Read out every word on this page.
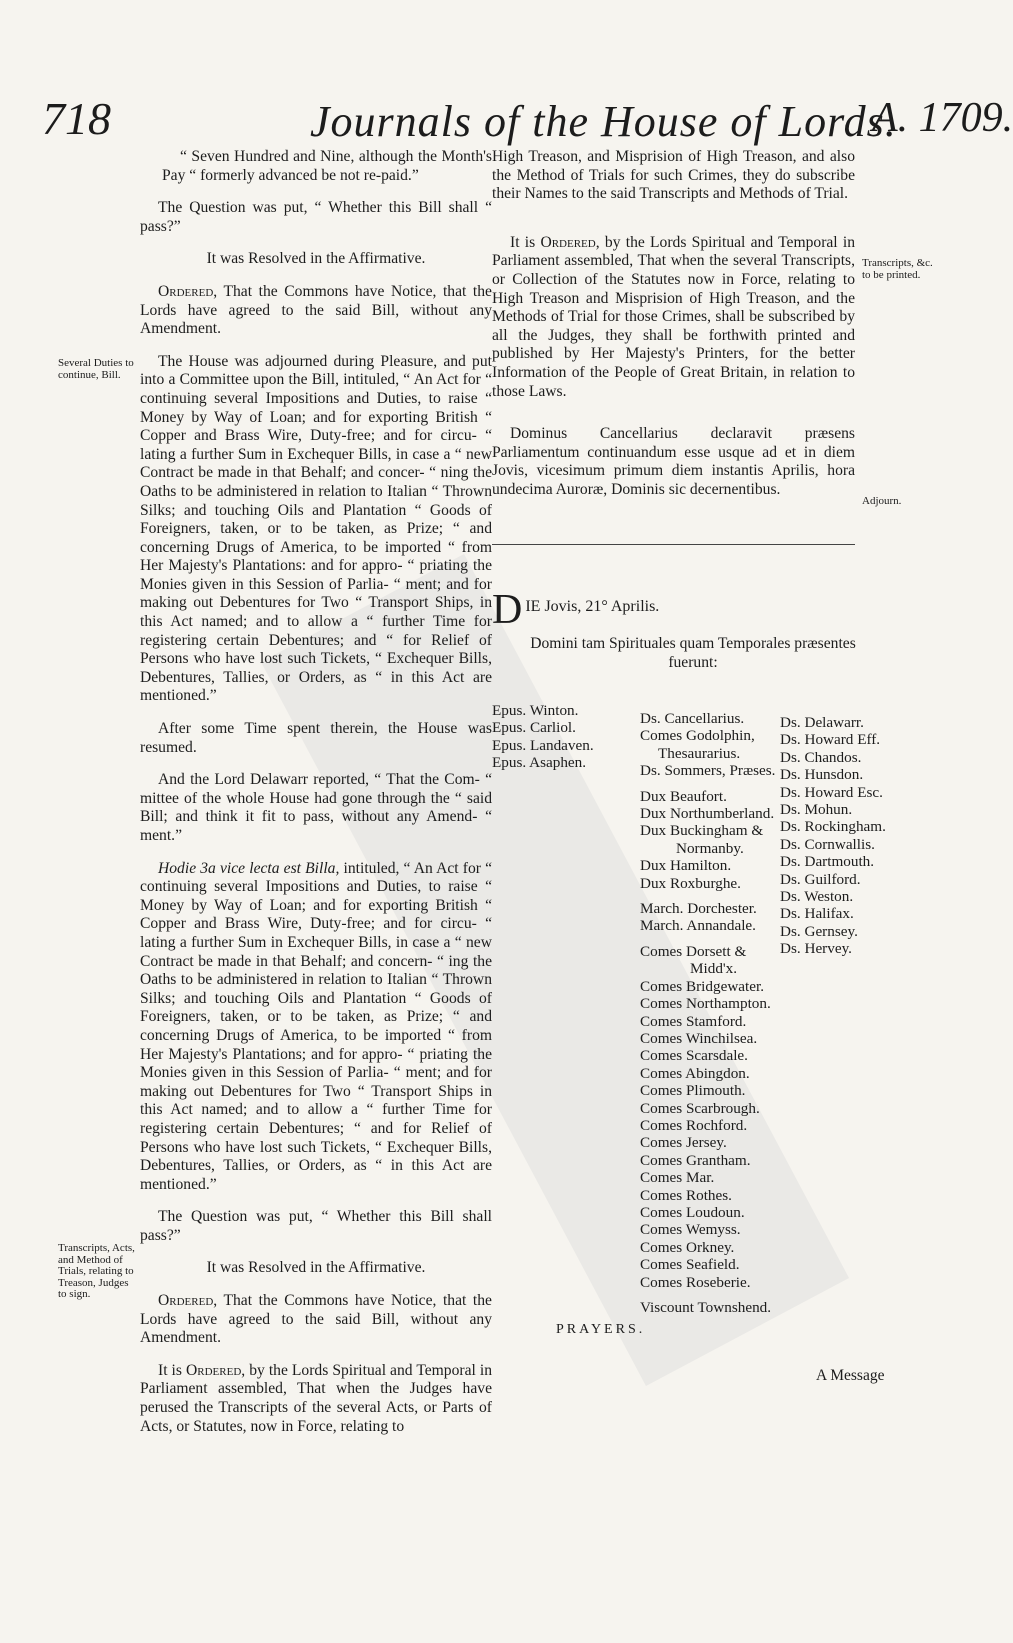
718	Journals of the House of Lords.
A. 1709.
Several Duties to continue, Bill.
Transcripts, Acts, and Method of Trials, relating to Treason, Judges to sign.
Transcripts, &c. to be printed.
Adjourn.

“ Seven Hundred and Nine, although the Month's Pay “ formerly advanced be not re-paid.”

The Question was put, “ Whether this Bill shall “ pass?”

It was Resolved in the Affirmative.

Ordered, That the Commons have Notice, that the Lords have agreed to the said Bill, without any Amendment.

The House was adjourned during Pleasure, and put into a Committee upon the Bill, intituled, “ An Act for “ continuing several Impositions and Duties, to raise “ Money by Way of Loan; and for exporting British “ Copper and Brass Wire, Duty-free; and for circu- “ lating a further Sum in Exchequer Bills, in case a “ new Contract be made in that Behalf; and concer- “ ning the Oaths to be administered in relation to Italian “ Thrown Silks; and touching Oils and Plantation “ Goods of Foreigners, taken, or to be taken, as Prize; “ and concerning Drugs of America, to be imported “ from Her Majesty's Plantations: and for appro- “ priating the Monies given in this Session of Parlia- “ ment; and for making out Debentures for Two “ Transport Ships, in this Act named; and to allow a “ further Time for registering certain Debentures; and “ for Relief of Persons who have lost such Tickets, “ Exchequer Bills, Debentures, Tallies, or Orders, as “ in this Act are mentioned.”

After some Time spent therein, the House was resumed.

And the Lord Delawarr reported, “ That the Com- “ mittee of the whole House had gone through the “ said Bill; and think it fit to pass, without any Amend- “ ment.”

Hodie 3a vice lecta est Billa, intituled, “ An Act for “ continuing several Impositions and Duties, to raise “ Money by Way of Loan; and for exporting British “ Copper and Brass Wire, Duty-free; and for circu- “ lating a further Sum in Exchequer Bills, in case a “ new Contract be made in that Behalf; and concern- “ ing the Oaths to be administered in relation to Italian “ Thrown Silks; and touching Oils and Plantation “ Goods of Foreigners, taken, or to be taken, as Prize; “ and concerning Drugs of America, to be imported “ from Her Majesty's Plantations; and for appro- “ priating the Monies given in this Session of Parlia- “ ment; and for making out Debentures for Two “ Transport Ships in this Act named; and to allow a “ further Time for registering certain Debentures; “ and for Relief of Persons who have lost such Tickets, “ Exchequer Bills, Debentures, Tallies, or Orders, as “ in this Act are mentioned.”

The Question was put, “ Whether this Bill shall pass?”

It was Resolved in the Affirmative.

Ordered, That the Commons have Notice, that the Lords have agreed to the said Bill, without any Amendment.

It is Ordered, by the Lords Spiritual and Temporal in Parliament assembled, That when the Judges have perused the Transcripts of the several Acts, or Parts of Acts, or Statutes, now in Force, relating to

High Treason, and Misprision of High Treason, and also the Method of Trials for such Crimes, they do subscribe their Names to the said Transcripts and Methods of Trial.

It is Ordered, by the Lords Spiritual and Temporal in Parliament assembled, That when the several Transcripts, or Collection of the Statutes now in Force, relating to High Treason and Misprision of High Treason, and the Methods of Trial for those Crimes, shall be subscribed by all the Judges, they shall be forthwith printed and published by Her Majesty's Printers, for the better Information of the People of Great Britain, in relation to those Laws.

Dominus Cancellarius declaravit præsens Parliamentum continuandum esse usque ad et in diem Jovis, vicesimum primum diem instantis Aprilis, hora undecima Auroræ, Dominis sic decernentibus.

D IE Jovis, 21° Aprilis.
Domini tam Spirituales quam Temporales præsentes fuerunt:
Epus. Winton.
Epus. Carliol.
Epus. Landaven.
Epus. Asaphen.
Ds. Cancellarius.
Comes Godolphin,
Thesaurarius.
Ds. Sommers, Præses.
Dux Beaufort.
Dux Northumberland.
Dux Buckingham &
Normanby.
Dux Hamilton.
Dux Roxburghe.
March. Dorchester.
March. Annandale.
Comes Dorsett &
Midd'x.
Comes Bridgewater.
Comes Northampton.
Comes Stamford.
Comes Winchilsea.
Comes Scarsdale.
Comes Abingdon.
Comes Plimouth.
Comes Scarbrough.
Comes Rochford.
Comes Jersey.
Comes Grantham.
Comes Mar.
Comes Rothes.
Comes Loudoun.
Comes Wemyss.
Comes Orkney.
Comes Seafield.
Comes Roseberie.
Viscount Townshend.
Ds. Delawarr.
Ds. Howard Eff.
Ds. Chandos.
Ds. Hunsdon.
Ds. Howard Esc.
Ds. Mohun.
Ds. Rockingham.
Ds. Cornwallis.
Ds. Dartmouth.
Ds. Guilford.
Ds. Weston.
Ds. Halifax.
Ds. Gernsey.
Ds. Hervey.
PRAYERS.
A Message
